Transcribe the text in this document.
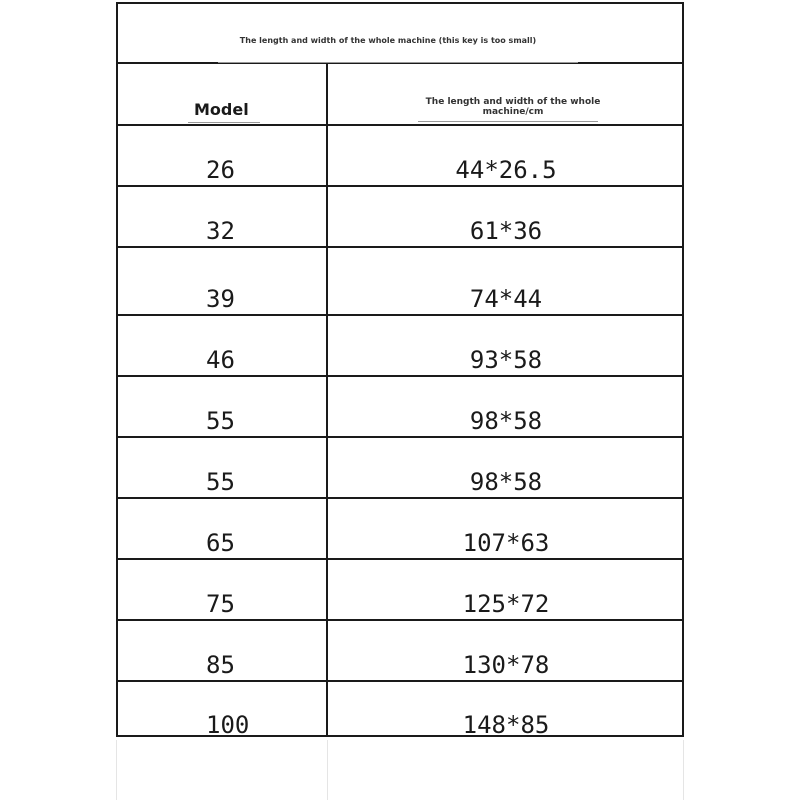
The length and width of the whole machine (this key is too small)
Model	The length and width of the whole machine/cm
26	44*26.5
32	61*36
39	74*44
46	93*58
55	98*58
55	98*58
65	107*63
75	125*72
85	130*78
100	148*85
